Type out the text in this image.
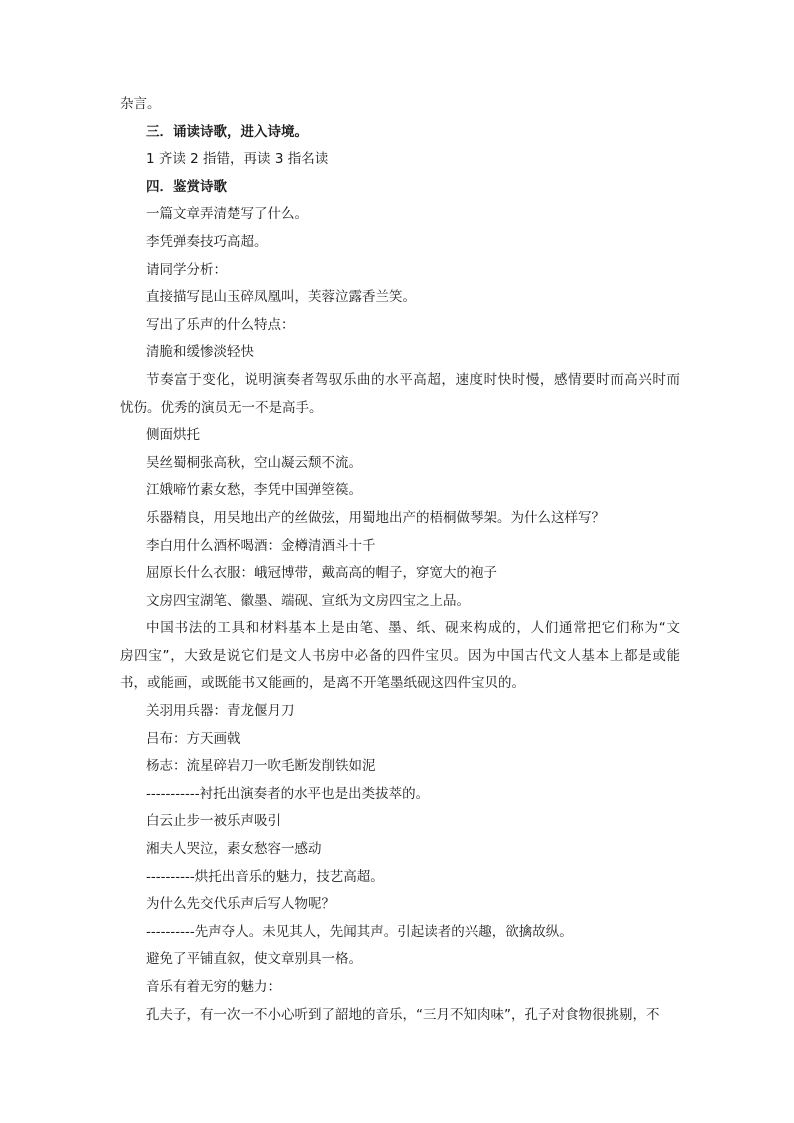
杂言。
三．诵读诗歌，进入诗境。
1 齐读 2 指错，再读 3 指名读
四．鉴赏诗歌
一篇文章弄清楚写了什么。
李凭弹奏技巧高超。
请同学分析：
直接描写昆山玉碎凤凰叫，芙蓉泣露香兰笑。
写出了乐声的什么特点：
清脆和缓惨淡轻快
节奏富于变化，说明演奏者驾驭乐曲的水平高超，速度时快时慢，感情要时而高兴时而
忧伤。优秀的演员无一不是高手。
侧面烘托
吴丝蜀桐张高秋，空山凝云颓不流。
江娥啼竹素女愁，李凭中国弹箜篌。
乐器精良，用吴地出产的丝做弦，用蜀地出产的梧桐做琴架。为什么这样写？
李白用什么酒杯喝酒：金樽清酒斗十千
屈原长什么衣服：峨冠博带，戴高高的帽子，穿宽大的袍子
文房四宝湖笔、徽墨、端砚、宣纸为文房四宝之上品。
中国书法的工具和材料基本上是由笔、墨、纸、砚来构成的，人们通常把它们称为“文
房四宝”，大致是说它们是文人书房中必备的四件宝贝。因为中国古代文人基本上都是或能
书，或能画，或既能书又能画的，是离不开笔墨纸砚这四件宝贝的。
关羽用兵器：青龙偃月刀
吕布：方天画戟
杨志：流星碎岩刀一吹毛断发削铁如泥
-----------衬托出演奏者的水平也是出类拔萃的。
白云止步一被乐声吸引
湘夫人哭泣，素女愁容一感动
----------烘托出音乐的魅力，技艺高超。
为什么先交代乐声后写人物呢？
----------先声夺人。未见其人，先闻其声。引起读者的兴趣，欲擒故纵。
避免了平铺直叙，使文章别具一格。
音乐有着无穷的魅力：
孔夫子，有一次一不小心听到了韶地的音乐，“三月不知肉味”，孔子对食物很挑剔，不
